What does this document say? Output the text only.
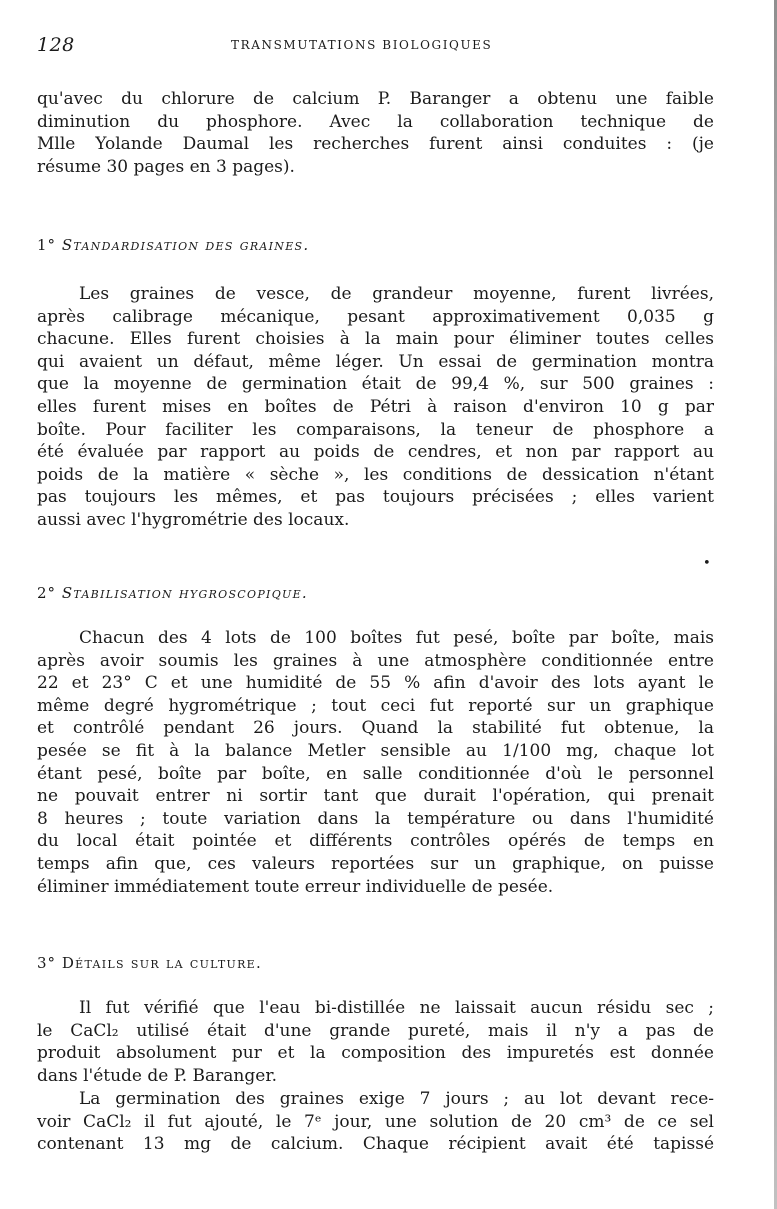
128	TRANSMUTATIONS BIOLOGIQUES
qu'avec du chlorure de calcium P. Baranger a obtenu une faible
diminution du phosphore. Avec la collaboration technique de
Mlle Yolande Daumal les recherches furent ainsi conduites : (je
résume 30 pages en 3 pages).
1° Standardisation des graines.
Les graines de vesce, de grandeur moyenne, furent livrées,
après calibrage mécanique, pesant approximativement 0,035 g
chacune. Elles furent choisies à la main pour éliminer toutes celles
qui avaient un défaut, même léger. Un essai de germination montra
que la moyenne de germination était de 99,4 %, sur 500 graines :
elles furent mises en boîtes de Pétri à raison d'environ 10 g par
boîte. Pour faciliter les comparaisons, la teneur de phosphore a
été évaluée par rapport au poids de cendres, et non par rapport au
poids de la matière « sèche », les conditions de dessication n'étant
pas toujours les mêmes, et pas toujours précisées ; elles varient
aussi avec l'hygrométrie des locaux.
•
2° Stabilisation hygroscopique.
Chacun des 4 lots de 100 boîtes fut pesé, boîte par boîte, mais
après avoir soumis les graines à une atmosphère conditionnée entre
22 et 23° C et une humidité de 55 % afin d'avoir des lots ayant le
même degré hygrométrique ; tout ceci fut reporté sur un graphique
et contrôlé pendant 26 jours. Quand la stabilité fut obtenue, la
pesée se fit à la balance Metler sensible au 1/100 mg, chaque lot
étant pesé, boîte par boîte, en salle conditionnée d'où le personnel
ne pouvait entrer ni sortir tant que durait l'opération, qui prenait
8 heures ; toute variation dans la température ou dans l'humidité
du local était pointée et différents contrôles opérés de temps en
temps afin que, ces valeurs reportées sur un graphique, on puisse
éliminer immédiatement toute erreur individuelle de pesée.
3° Détails sur la culture.
Il fut vérifié que l'eau bi-distillée ne laissait aucun résidu sec ;
le CaCl₂ utilisé était d'une grande pureté, mais il n'y a pas de
produit absolument pur et la composition des impuretés est donnée
dans l'étude de P. Baranger.
La germination des graines exige 7 jours ; au lot devant rece-
voir CaCl₂ il fut ajouté, le 7ᵉ jour, une solution de 20 cm³ de ce sel
contenant 13 mg de calcium. Chaque récipient avait été tapissé
